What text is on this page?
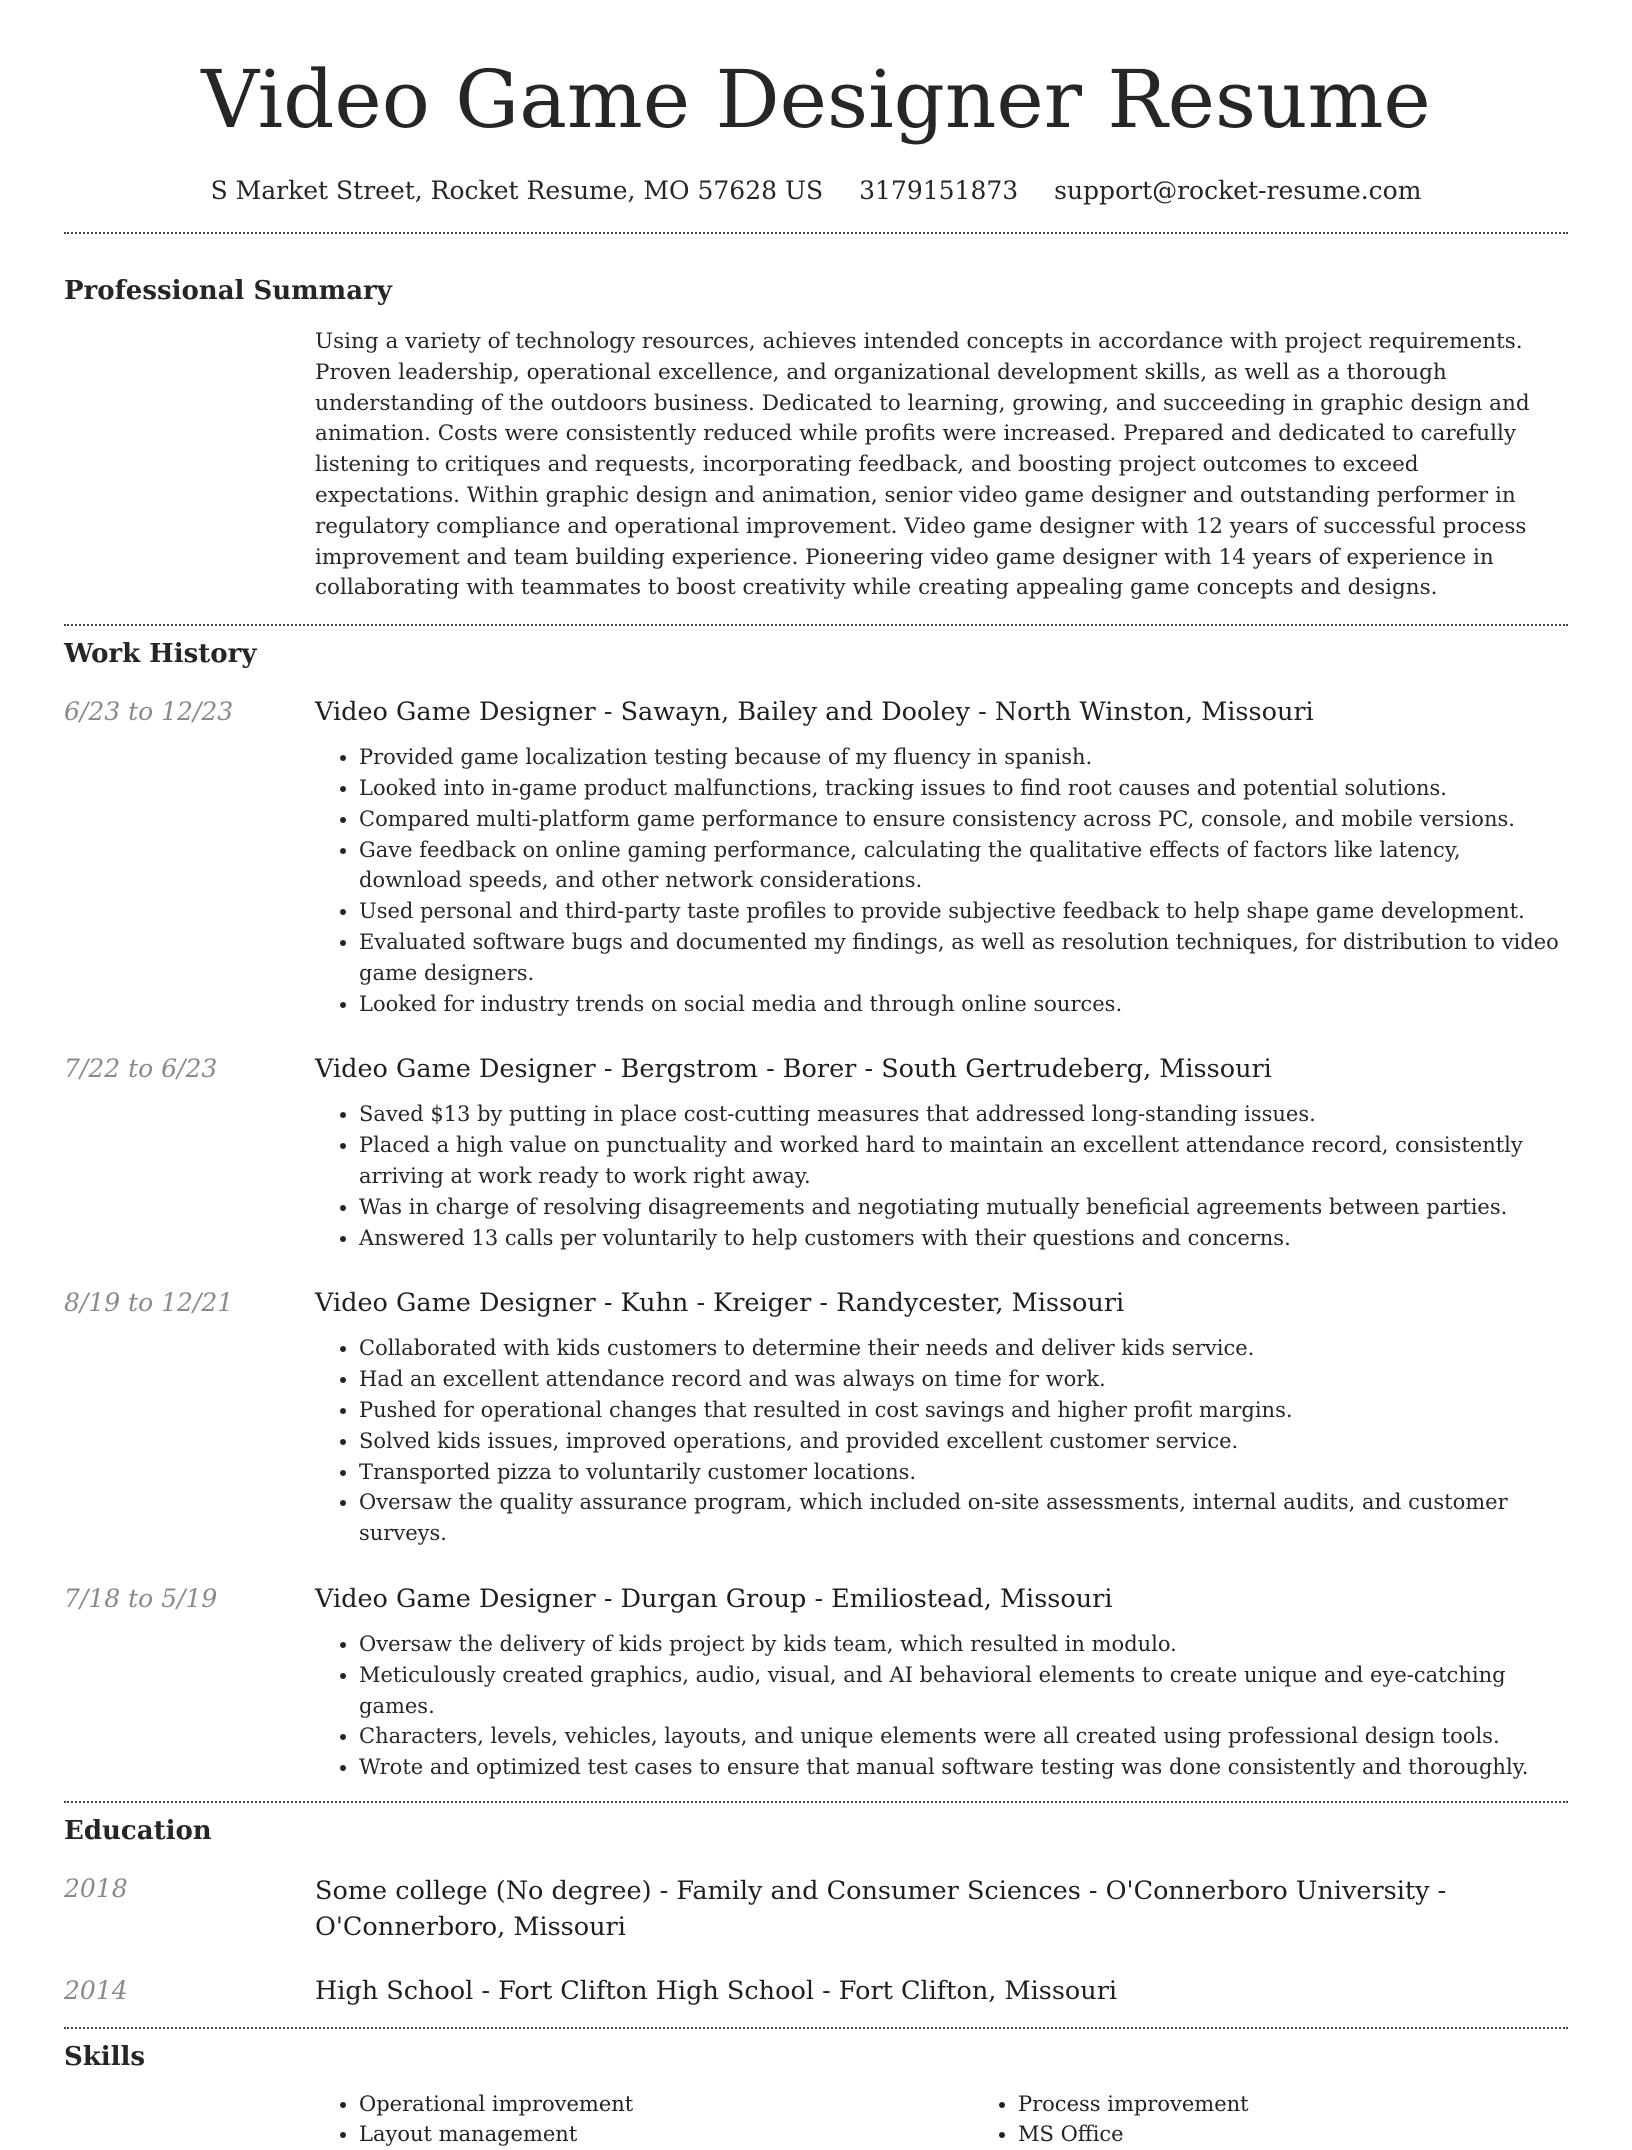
Video Game Designer Resume
S Market Street, Rocket Resume, MO 57628 US 3179151873 support@rocket-resume.com
Professional Summary

Using a variety of technology resources, achieves intended concepts in accordance with project requirements. Proven leadership, operational excellence, and organizational development skills, as well as a thorough understanding of the outdoors business. Dedicated to learning, growing, and succeeding in graphic design and animation. Costs were consistently reduced while profits were increased. Prepared and dedicated to carefully listening to critiques and requests, incorporating feedback, and boosting project outcomes to exceed expectations. Within graphic design and animation, senior video game designer and outstanding performer in regulatory compliance and operational improvement. Video game designer with 12 years of successful process improvement and team building experience. Pioneering video game designer with 14 years of experience in collaborating with teammates to boost creativity while creating appealing game concepts and designs.

Work History
6/23 to 12/23	Video Game Designer - Sawayn, Bailey and Dooley - North Winston, Missouri

• Provided game localization testing because of my fluency in spanish.
• Looked into in-game product malfunctions, tracking issues to find root causes and potential solutions.
• Compared multi-platform game performance to ensure consistency across PC, console, and mobile versions.
• Gave feedback on online gaming performance, calculating the qualitative effects of factors like latency, download speeds, and other network considerations.
• Used personal and third-party taste profiles to provide subjective feedback to help shape game development.
• Evaluated software bugs and documented my findings, as well as resolution techniques, for distribution to video game designers.
• Looked for industry trends on social media and through online sources.
7/22 to 6/23	Video Game Designer - Bergstrom - Borer - South Gertrudeberg, Missouri

• Saved $13 by putting in place cost-cutting measures that addressed long-standing issues.
• Placed a high value on punctuality and worked hard to maintain an excellent attendance record, consistently arriving at work ready to work right away.
• Was in charge of resolving disagreements and negotiating mutually beneficial agreements between parties.
• Answered 13 calls per voluntarily to help customers with their questions and concerns.
8/19 to 12/21	Video Game Designer - Kuhn - Kreiger - Randycester, Missouri

• Collaborated with kids customers to determine their needs and deliver kids service.
• Had an excellent attendance record and was always on time for work.
• Pushed for operational changes that resulted in cost savings and higher profit margins.
• Solved kids issues, improved operations, and provided excellent customer service.
• Transported pizza to voluntarily customer locations.
• Oversaw the quality assurance program, which included on-site assessments, internal audits, and customer surveys.
7/18 to 5/19	Video Game Designer - Durgan Group - Emiliostead, Missouri

• Oversaw the delivery of kids project by kids team, which resulted in modulo.
• Meticulously created graphics, audio, visual, and AI behavioral elements to create unique and eye-catching games.
• Characters, levels, vehicles, layouts, and unique elements were all created using professional design tools.
• Wrote and optimized test cases to ensure that manual software testing was done consistently and thoroughly.
Education
2018	Some college (No degree) - Family and Consumer Sciences - O'Connerboro University - O'Connerboro, Missouri

2014	High School - Fort Clifton High School - Fort Clifton, Missouri

Skills
• Operational improvement
• Layout management
• Process improvement
• MS Office
